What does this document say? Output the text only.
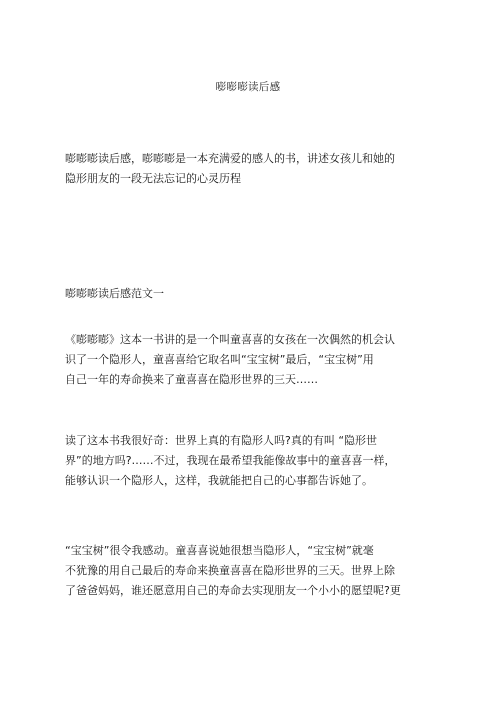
嘭嘭嘭读后感

嘭嘭嘭读后感，嘭嘭嘭是一本充满爱的感人的书，讲述女孩儿和她的
隐形朋友的一段无法忘记的心灵历程

嘭嘭嘭读后感范文一

《嘭嘭嘭》这本一书讲的是一个叫童喜喜的女孩在一次偶然的机会认
识了一个隐形人，童喜喜给它取名叫“宝宝树”最后，“宝宝树”用
自己一年的寿命换来了童喜喜在隐形世界的三天……

读了这本书我很好奇：世界上真的有隐形人吗?真的有叫 “隐形世
界”的地方吗?……不过，我现在最希望我能像故事中的童喜喜一样，
能够认识一个隐形人，这样，我就能把自己的心事都告诉她了。

“宝宝树”很令我感动。童喜喜说她很想当隐形人，“宝宝树”就毫
不犹豫的用自己最后的寿命来换童喜喜在隐形世界的三天。世界上除
了爸爸妈妈，谁还愿意用自己的寿命去实现朋友一个小小的愿望呢?更
